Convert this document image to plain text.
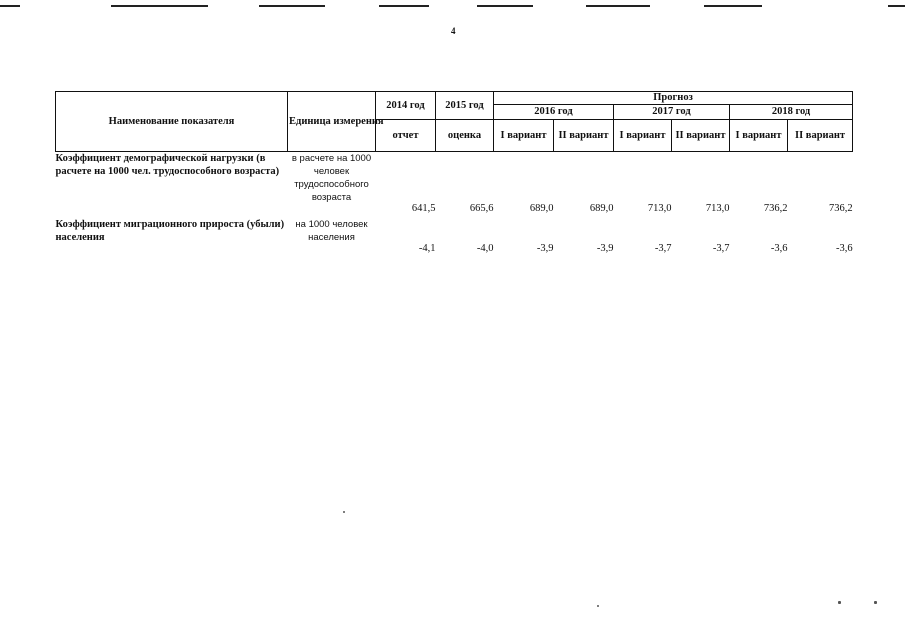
4
Наименование показателя	Единица измерения	2014 год	2015 год	Прогноз					
				2016 год		2017 год		2018 год	
		отчет	оценка	I вариант	II вариант	I вариант	II вариант	I вариант	II вариант
Коэффициент демографической нагрузки (в расчете на 1000 чел. трудоспособного возраста)	в расчете на 1000 человек трудоспособного возраста	641,5	665,6	689,0	689,0	713,0	713,0	736,2	736,2

Коэффициент миграционного прироста (убыли) населения	на 1000 человек населения	-4,1	-4,0	-3,9	-3,9	-3,7	-3,7	-3,6	-3,6
